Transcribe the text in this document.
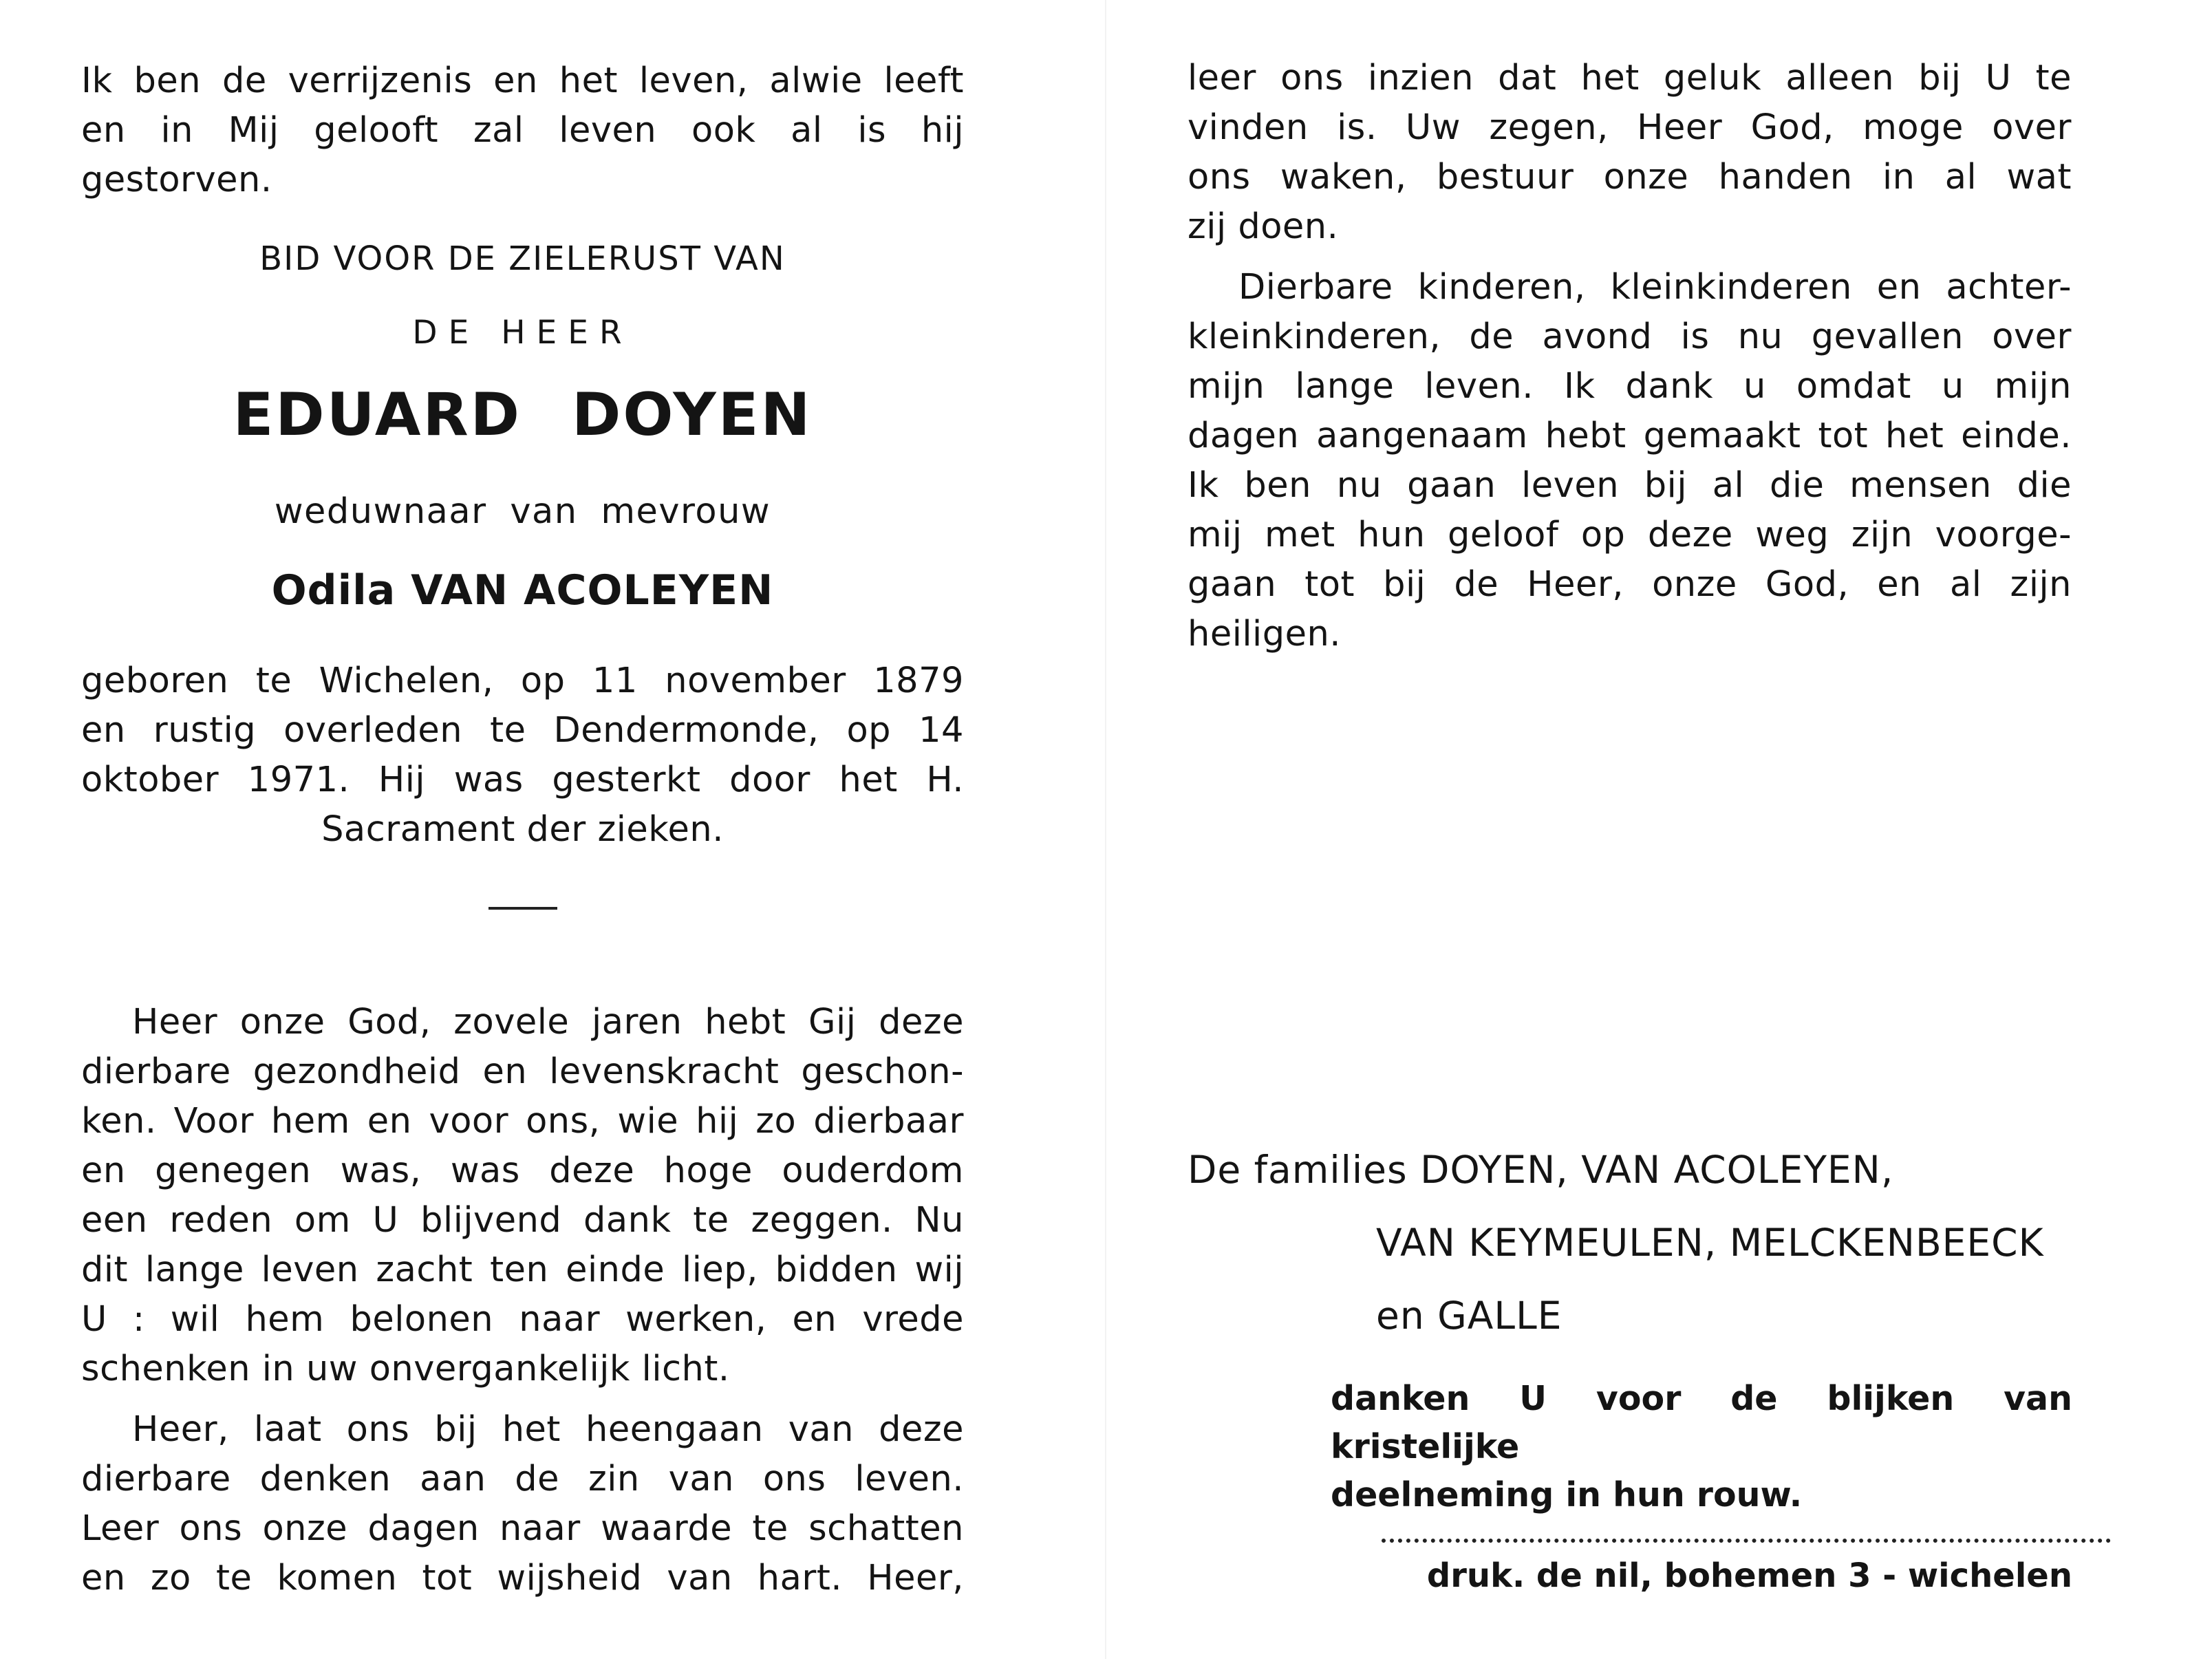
Ik ben de verrijzenis en het leven, alwie leeft
en in Mij gelooft zal leven ook al is hij
gestorven.
BID VOOR DE ZIELERUST VAN
DE HEER
EDUARD DOYEN
weduwnaar van mevrouw
Odila VAN ACOLEYEN
geboren te Wichelen, op 11 november 1879
en rustig overleden te Dendermonde, op 14
oktober 1971. Hij was gesterkt door het H.
Sacrament der zieken.
Heer onze God, zovele jaren hebt Gij deze
dierbare gezondheid en levenskracht geschon-
ken. Voor hem en voor ons, wie hij zo dierbaar
en genegen was, was deze hoge ouderdom
een reden om U blijvend dank te zeggen. Nu
dit lange leven zacht ten einde liep, bidden wij
U : wil hem belonen naar werken, en vrede
schenken in uw onvergankelijk licht.
Heer, laat ons bij het heengaan van deze
dierbare denken aan de zin van ons leven.
Leer ons onze dagen naar waarde te schatten
en zo te komen tot wijsheid van hart. Heer,
leer ons inzien dat het geluk alleen bij U te
vinden is. Uw zegen, Heer God, moge over
ons waken, bestuur onze handen in al wat
zij doen.
Dierbare kinderen, kleinkinderen en achter-
kleinkinderen, de avond is nu gevallen over
mijn lange leven. Ik dank u omdat u mijn
dagen aangenaam hebt gemaakt tot het einde.
Ik ben nu gaan leven bij al die mensen die
mij met hun geloof op deze weg zijn voorge-
gaan tot bij de Heer, onze God, en al zijn
heiligen.
De families DOYEN, VAN ACOLEYEN,
VAN KEYMEULEN, MELCKENBEECK
en GALLE
danken U voor de blijken van kristelijke
deelneming in hun rouw.
druk. de nil, bohemen 3 - wichelen
